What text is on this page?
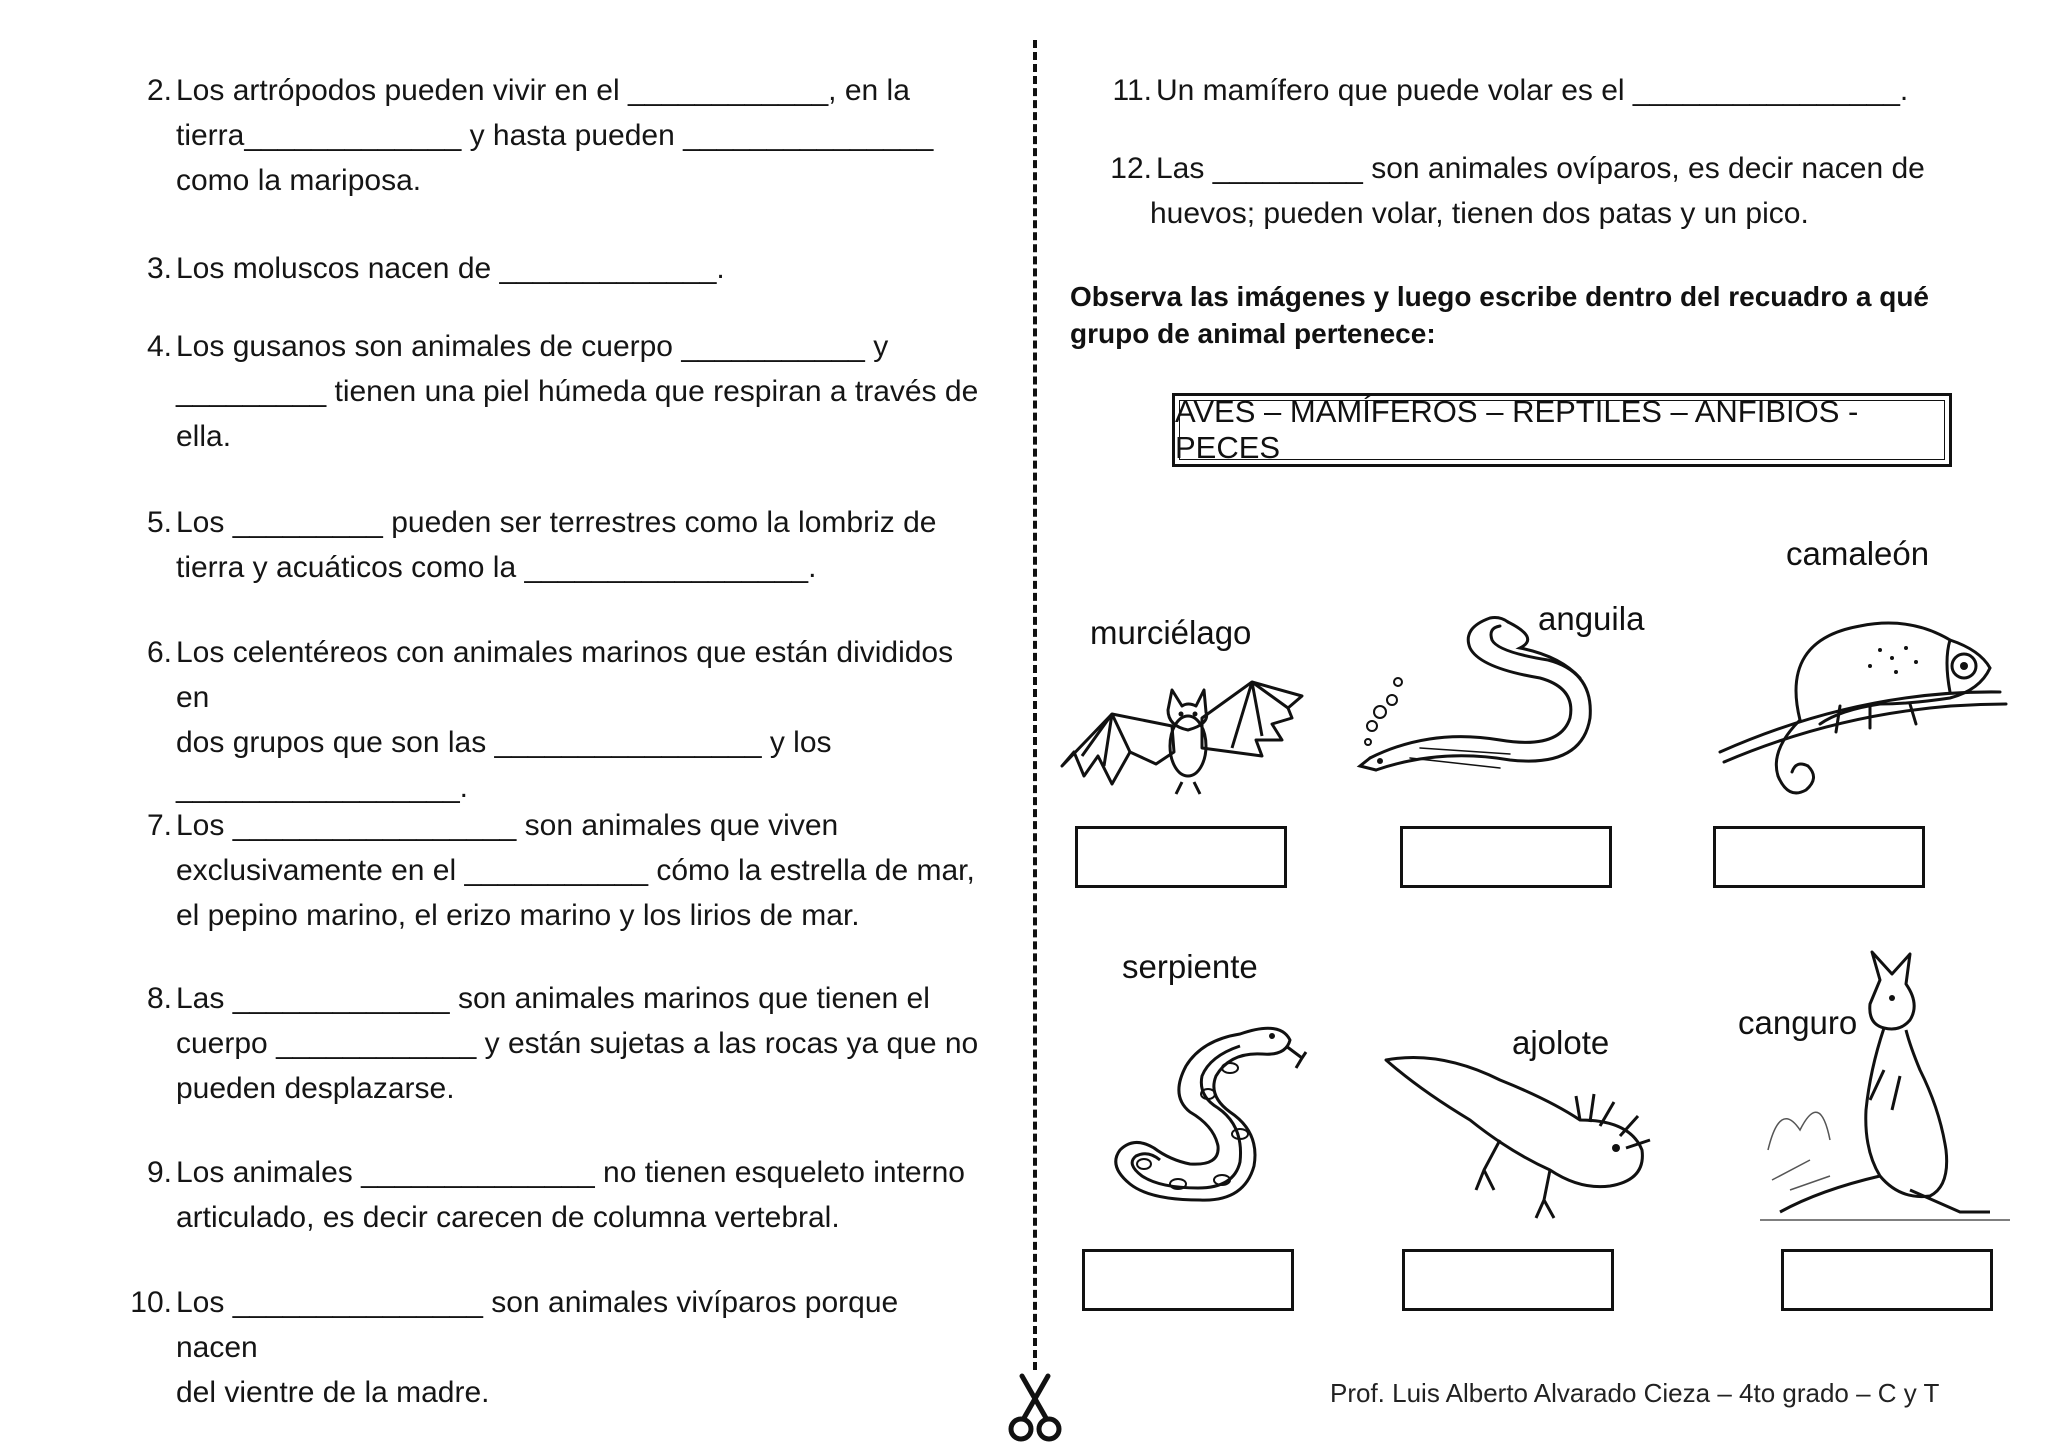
2. Los artrópodos pueden vivir en el ____________, en la
tierra_____________ y hasta pueden _______________
como la mariposa.
3. Los moluscos nacen de _____________.
4. Los gusanos son animales de cuerpo ___________ y
_________ tienen una piel húmeda que respiran a través de
ella.
5. Los _________ pueden ser terrestres como la lombriz de
tierra y acuáticos como la _________________.
6. Los celentéreos con animales marinos que están divididos en
dos grupos que son las ________________ y los
_________________.
7. Los _________________ son animales que viven
exclusivamente en el ___________ cómo la estrella de mar,
el pepino marino, el erizo marino y los lirios de mar.
8. Las _____________ son animales marinos que tienen el
cuerpo ____________ y están sujetas a las rocas ya que no
pueden desplazarse.
9. Los animales ______________ no tienen esqueleto interno
articulado, es decir carecen de columna vertebral.
10. Los _______________ son animales vivíparos porque nacen
del vientre de la madre.
11. Un mamífero que puede volar es el ________________.
12. Las _________ son animales ovíparos, es decir nacen de
huevos; pueden volar, tienen dos patas y un pico.
Observa las imágenes y luego escribe dentro del recuadro a qué grupo de animal pertenece:
AVES – MAMÍFEROS – REPTILES – ANFIBIOS - PECES
murciélago	anguila
camaleón
serpiente
ajolote
canguro
Prof. Luis Alberto Alvarado Cieza – 4to grado – C y T
